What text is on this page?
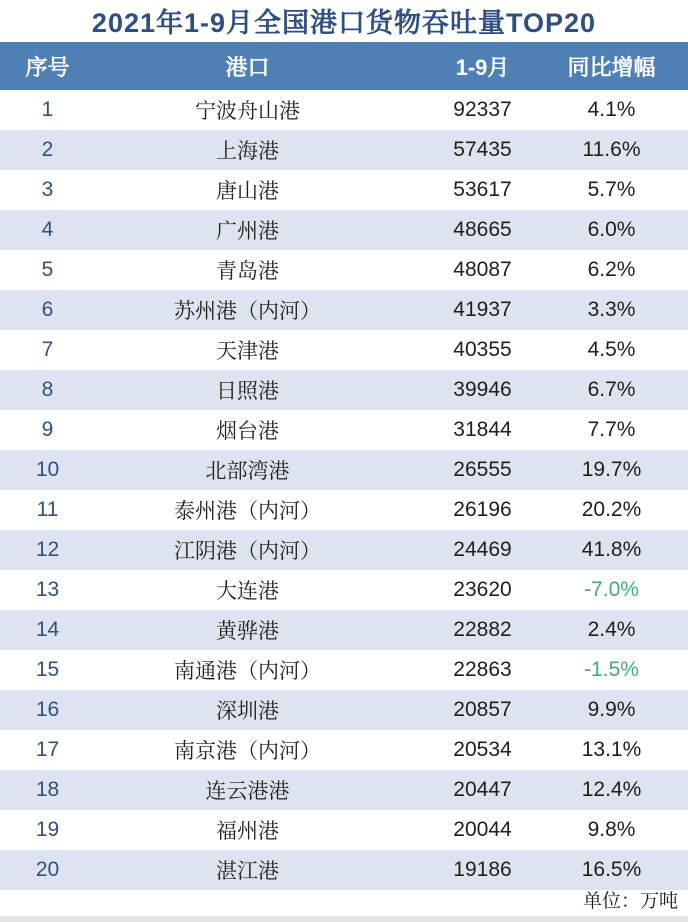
2021年1-9月全国港口货物吞吐量TOP20
序号	港口	1-9月	同比增幅
1	宁波舟山港	92337	4.1%
2	上海港	57435	11.6%
3	唐山港	53617	5.7%
4	广州港	48665	6.0%
5	青岛港	48087	6.2%
6	苏州港（内河）	41937	3.3%
7	天津港	40355	4.5%
8	日照港	39946	6.7%
9	烟台港	31844	7.7%
10	北部湾港	26555	19.7%
11	泰州港（内河）	26196	20.2%
12	江阴港（内河）	24469	41.8%
13	大连港	23620	-7.0%
14	黄骅港	22882	2.4%
15	南通港（内河）	22863	-1.5%
16	深圳港	20857	9.9%
17	南京港（内河）	20534	13.1%
18	连云港港	20447	12.4%
19	福州港	20044	9.8%
20	湛江港	19186	16.5%
单位：万吨
